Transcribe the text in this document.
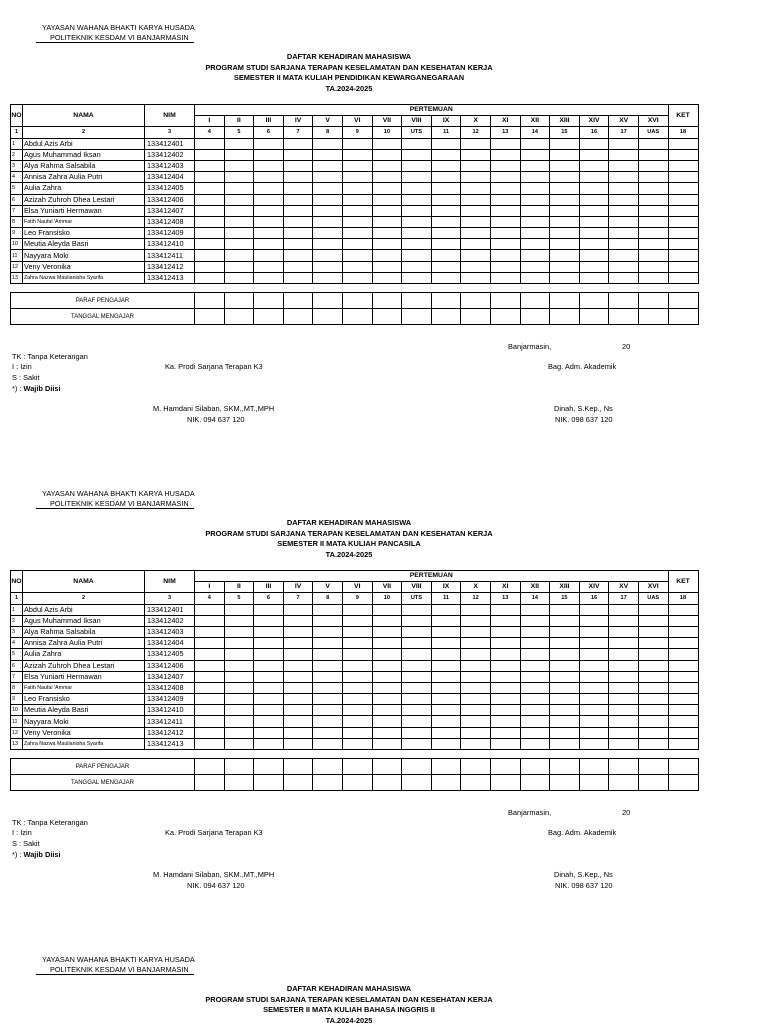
YAYASAN WAHANA BHAKTI KARYA HUSADA
POLITEKNIK KESDAM VI BANJARMASIN
DAFTAR KEHADIRAN MAHASISWA
PROGRAM STUDI SARJANA TERAPAN KESELAMATAN DAN KESEHATAN KERJA
SEMESTER II MATA KULIAH PENDIDIKAN KEWARGANEGARAAN
TA.2024-2025
NO	NAMA	NIM	PERTEMUAN																KET
			I	II	III	IV	V	VI	VII	VIII	IX	X	XI	XII	XIII	XIV	XV	XVI	
1	2	3	4	5	6	7	8	9	10	UTS	11	12	13	14	15	16	17	UAS	18
1	Abdul Azis Arbi	133412401																	
2	Agus Muhammad Iksan	133412402																	
3	Alya Rahma Salsabila	133412403																	
4	Annisa Zahra Aulia Putri	133412404																	
5	Aulia Zahra	133412405																	
6	Azizah Zuhroh Dhea Lestari	133412406																	
7	Elsa Yuniarti Hermawan	133412407																	
8	Fatih Naufal 'Ammar	133412408																	
9	Leo Fransisko	133412409																	
10	Meutia Aleyda Basri	133412410																	
11	Nayyara Moki	133412411																	
12	Veny Veronika	133412412																	
13	Zahra Nazwa Maulianisha Syarifa	133412413																	

PARAF PENGAJAR																			
TANGGAL MENGAJAR																			
Banjarmasin,	20
TK : Tanpa Keterangan
I : Izin
S : Sakit
*) : Wajib Diisi
Ka. Prodi Sarjana Terapan K3	Bag. Adm. Akademik
M. Hamdani Silaban, SKM.,MT.,MPH
NIK. 094 637 120
Dinah, S.Kep., Ns
NIK. 098 637 120
YAYASAN WAHANA BHAKTI KARYA HUSADA
POLITEKNIK KESDAM VI BANJARMASIN
DAFTAR KEHADIRAN MAHASISWA
PROGRAM STUDI SARJANA TERAPAN KESELAMATAN DAN KESEHATAN KERJA
SEMESTER II MATA KULIAH PANCASILA
TA.2024-2025
NO	NAMA	NIM	PERTEMUAN																KET
			I	II	III	IV	V	VI	VII	VIII	IX	X	XI	XII	XIII	XIV	XV	XVI	
1	2	3	4	5	6	7	8	9	10	UTS	11	12	13	14	15	16	17	UAS	18
1	Abdul Azis Arbi	133412401																	
2	Agus Muhammad Iksan	133412402																	
3	Alya Rahma Salsabila	133412403																	
4	Annisa Zahra Aulia Putri	133412404																	
5	Aulia Zahra	133412405																	
6	Azizah Zuhroh Dhea Lestari	133412406																	
7	Elsa Yuniarti Hermawan	133412407																	
8	Fatih Naufal 'Ammar	133412408																	
9	Leo Fransisko	133412409																	
10	Meutia Aleyda Basri	133412410																	
11	Nayyara Moki	133412411																	
12	Veny Veronika	133412412																	
13	Zahra Nazwa Maulianisha Syarifa	133412413																	

PARAF PENGAJAR																			
TANGGAL MENGAJAR																			
Banjarmasin,	20
TK : Tanpa Keterangan
I : Izin
S : Sakit
*) : Wajib Diisi
Ka. Prodi Sarjana Terapan K3	Bag. Adm. Akademik
M. Hamdani Silaban, SKM.,MT.,MPH
NIK. 094 637 120
Dinah, S.Kep., Ns
NIK. 098 637 120
YAYASAN WAHANA BHAKTI KARYA HUSADA
POLITEKNIK KESDAM VI BANJARMASIN
DAFTAR KEHADIRAN MAHASISWA
PROGRAM STUDI SARJANA TERAPAN KESELAMATAN DAN KESEHATAN KERJA
SEMESTER II MATA KULIAH BAHASA INGGRIS II
TA.2024-2025
